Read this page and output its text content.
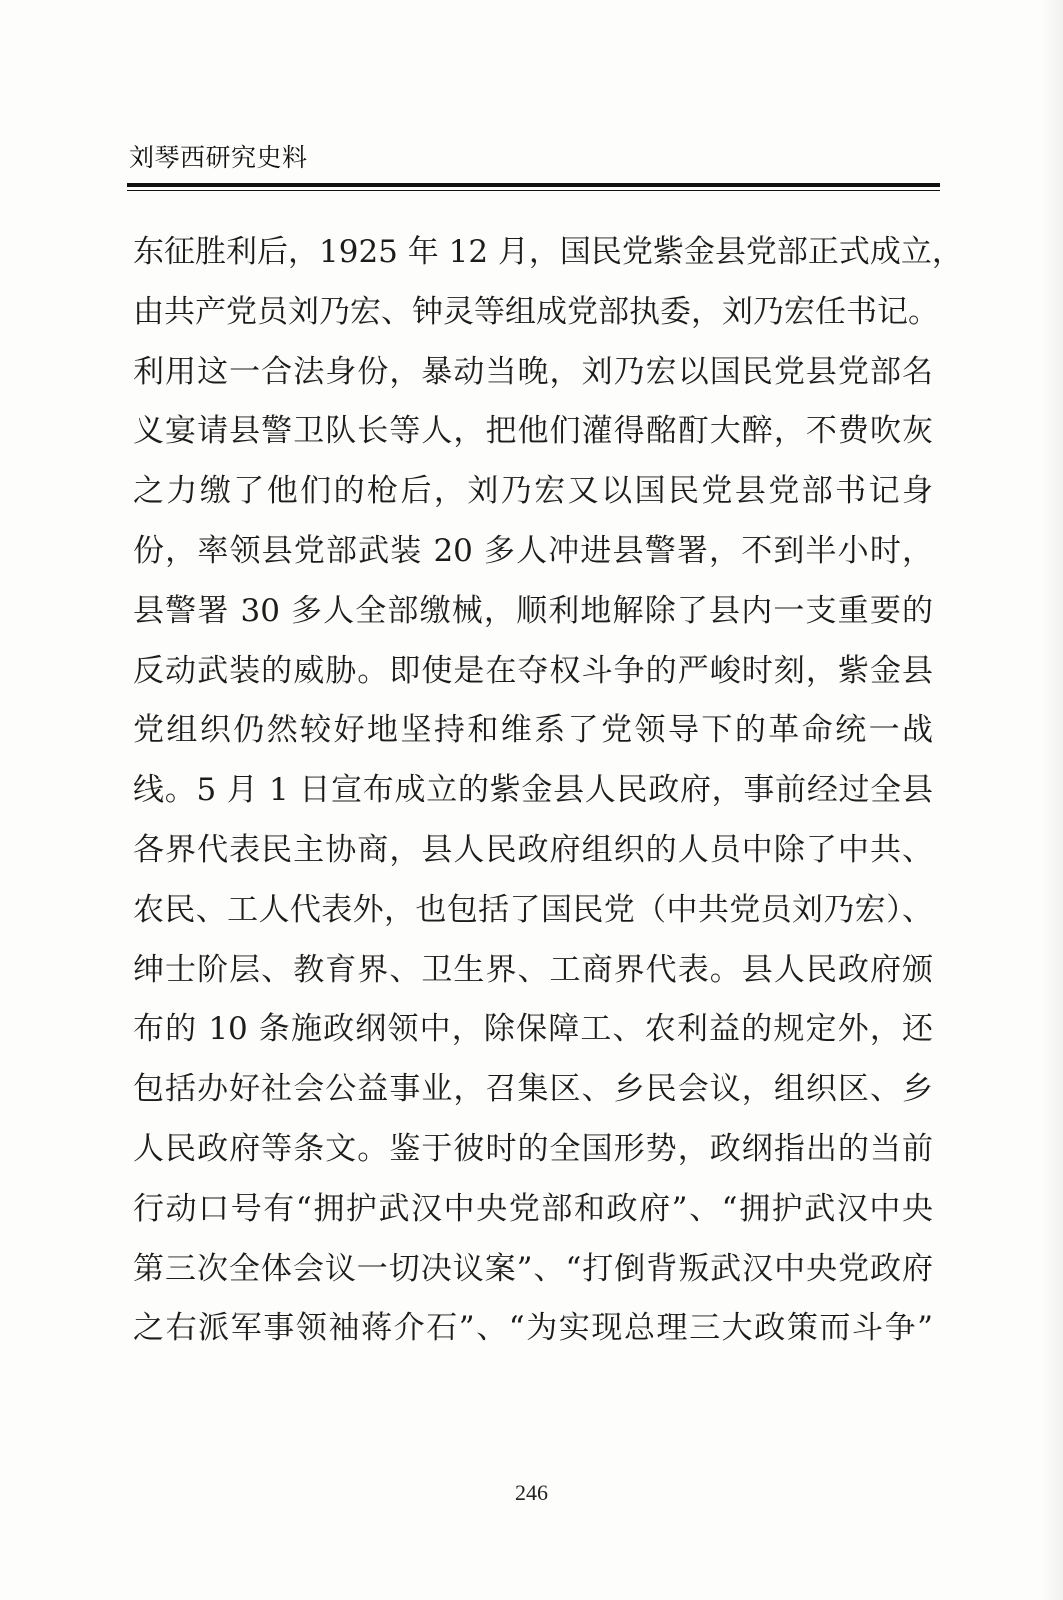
刘琴西研究史料
东征胜利后，1925 年 12 月，国民党紫金县党部正式成立，
由共产党员刘乃宏、钟灵等组成党部执委，刘乃宏任书记。
利用这一合法身份，暴动当晚，刘乃宏以国民党县党部名
义宴请县警卫队长等人，把他们灌得酩酊大醉，不费吹灰
之力缴了他们的枪后，刘乃宏又以国民党县党部书记身
份，率领县党部武装 20 多人冲进县警署，不到半小时，
县警署 30 多人全部缴械，顺利地解除了县内一支重要的
反动武装的威胁。即使是在夺权斗争的严峻时刻，紫金县
党组织仍然较好地坚持和维系了党领导下的革命统一战
线。5 月 1 日宣布成立的紫金县人民政府，事前经过全县
各界代表民主协商，县人民政府组织的人员中除了中共、
农民、工人代表外，也包括了国民党（中共党员刘乃宏）、
绅士阶层、教育界、卫生界、工商界代表。县人民政府颁
布的 10 条施政纲领中，除保障工、农利益的规定外，还
包括办好社会公益事业，召集区、乡民会议，组织区、乡
人民政府等条文。鉴于彼时的全国形势，政纲指出的当前
行动口号有“拥护武汉中央党部和政府”、“拥护武汉中央
第三次全体会议一切决议案”、“打倒背叛武汉中央党政府
之右派军事领袖蒋介石”、“为实现总理三大政策而斗争”
246
